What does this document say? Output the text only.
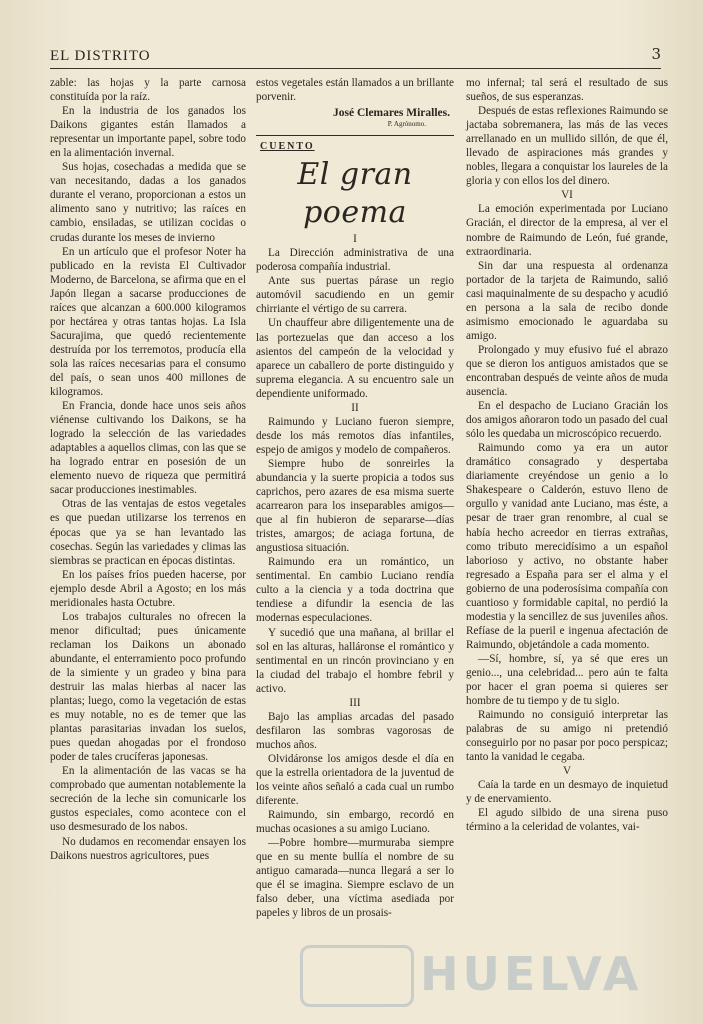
EL DISTRITO	3

zable: las hojas y la parte carnosa constituída por la raíz.

En la industria de los ganados los Daikons gigantes están llamados a representar un importante papel, sobre todo en la alimentación invernal.

Sus hojas, cosechadas a medida que se van necesitando, dadas a los ganados durante el verano, proporcionan a estos un alimento sano y nutritivo; las raíces en cambio, ensiladas, se utilizan cocidas o crudas durante los meses de invierno

En un artículo que el profesor Noter ha publicado en la revista El Cultivador Moderno, de Barcelona, se afirma que en el Japón llegan a sacarse producciones de raíces que alcanzan a 600.000 kilogramos por hectárea y otras tantas hojas. La Isla Sacurajima, que quedó recientemente destruída por los terremotos, producía ella sola las raíces necesarias para el consumo del país, o sean unos 400 millones de kilogramos.

En Francia, donde hace unos seis años viénense cultivando los Daikons, se ha logrado la selección de las variedades adaptables a aquellos climas, con las que se ha logrado entrar en posesión de un elemento nuevo de riqueza que permitirá sacar producciones inestimables.

Otras de las ventajas de estos vegetales es que puedan utilizarse los terrenos en épocas que ya se han levantado las cosechas. Según las variedades y climas las siembras se practican en épocas distintas.

En los países fríos pueden hacerse, por ejemplo desde Abril a Agosto; en los más meridionales hasta Octubre.

Los trabajos culturales no ofrecen la menor dificultad; pues únicamente reclaman los Daikons un abonado abundante, el enterramiento poco profundo de la simiente y un gradeo y bina para destruir las malas hierbas al nacer las plantas; luego, como la vegetación de estas es muy notable, no es de temer que las plantas parasitarias invadan los suelos, pues quedan ahogadas por el frondoso poder de tales crucíferas japonesas.

En la alimentación de las vacas se ha comprobado que aumentan notablemente la secreción de la leche sin comunicarle los gustos especiales, como acontece con el uso desmesurado de los nabos.

No dudamos en recomendar ensayen los Daikons nuestros agricultores, pues

estos vegetales están llamados a un brillante porvenir.

José Clemares Miralles.
P. Agrónomo.
CUENTO
El gran poema

I

La Dirección administrativa de una poderosa compañía industrial.

Ante sus puertas párase un regio automóvil sacudiendo en un gemir chirriante el vértigo de su carrera.

Un chauffeur abre diligentemente una de las portezuelas que dan acceso a los asientos del campeón de la velocidad y aparece un caballero de porte distinguido y suprema elegancia. A su encuentro sale un dependiente uniformado.

II

Raimundo y Luciano fueron siempre, desde los más remotos días infantiles, espejo de amigos y modelo de compañeros.

Siempre hubo de sonreirles la abundancia y la suerte propicia a todos sus caprichos, pero azares de esa misma suerte acarrearon para los inseparables amigos—que al fin hubieron de separarse—días tristes, amargos; de aciaga fortuna, de angustiosa situación.

Raimundo era un romántico, un sentimental. En cambio Luciano rendía culto a la ciencia y a toda doctrina que tendiese a difundir la esencia de las modernas especulaciones.

Y sucedió que una mañana, al brillar el sol en las alturas, halláronse el romántico y sentimental en un rincón provinciano y en la ciudad del trabajo el hombre febril y activo.

III

Bajo las amplias arcadas del pasado desfilaron las sombras vagorosas de muchos años.

Olvidáronse los amigos desde el día en que la estrella orientadora de la juventud de los veinte años señaló a cada cual un rumbo diferente.

Raimundo, sin embargo, recordó en muchas ocasiones a su amigo Luciano.

—Pobre hombre—murmuraba siempre que en su mente bullía el nombre de su antiguo camarada—nunca llegará a ser lo que él se imagina. Siempre esclavo de un falso deber, una víctima asediada por papeles y libros de un prosais-

mo infernal; tal será el resultado de sus sueños, de sus esperanzas.

Después de estas reflexiones Raimundo se jactaba sobremanera, las más de las veces arrellanado en un mullido sillón, de que él, llevado de aspiraciones más grandes y nobles, llegara a conquistar los laureles de la gloria y con ellos los del dinero.

VI

La emoción experimentada por Luciano Gracián, el director de la empresa, al ver el nombre de Raimundo de León, fué grande, extraordinaria.

Sin dar una respuesta al ordenanza portador de la tarjeta de Raimundo, salió casi maquinalmente de su despacho y acudió en persona a la sala de recibo donde asimismo emocionado le aguardaba su amigo.

Prolongado y muy efusivo fué el abrazo que se dieron los antiguos amistados que se encontraban después de veinte años de muda ausencia.

En el despacho de Luciano Gracián los dos amigos añoraron todo un pasado del cual sólo les quedaba un microscópico recuerdo.

Raimundo como ya era un autor dramático consagrado y despertaba diariamente creyéndose un genio a lo Shakespeare o Calderón, estuvo lleno de orgullo y vanidad ante Luciano, mas éste, a pesar de traer gran renombre, al cual se había hecho acreedor en tierras extrañas, como tributo merecidísimo a un español laborioso y activo, no obstante haber regresado a España para ser el alma y el gobierno de una poderosísima compañía con cuantioso y formidable capital, no perdió la modestia y la sencillez de sus juveniles años. Refíase de la pueril e ingenua afectación de Raimundo, objetándole a cada momento.

—Sí, hombre, sí, ya sé que eres un genio..., una celebridad... pero aún te falta por hacer el gran poema si quieres ser hombre de tu tiempo y de tu siglo.

Raimundo no consiguió interpretar las palabras de su amigo ni pretendió conseguirlo por no pasar por poco perspicaz; tanto la vanidad le cegaba.

V

Caía la tarde en un desmayo de inquietud y de enervamiento.

El agudo silbido de una sirena puso término a la celeridad de volantes, vai-

HUELVA
